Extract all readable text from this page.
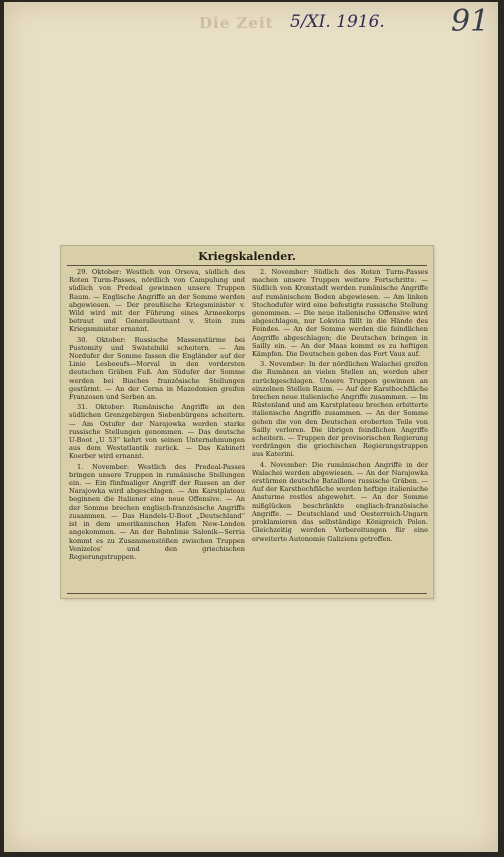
Die Zeit 5/XI. 1916. 91
Kriegskalender.

29. Oktober: Westlich von Orsova, südlich des Roten Turm-Passes, nördlich von Campulung und südlich von Predeal gewinnen unsere Truppen Raum. — Englische Angriffe an der Somme werden abgewiesen. — Der preußische Kriegsminister v. Wild wird mit der Führung eines Armeekorps betraut und Generalleutnant v. Stein zum Kriegsminister ernannt.

30. Oktober: Russische Massenstürme bei Pustomity und Swistelniki scheitern. — Am Nordufer der Somme fassen die Engländer auf der Linie Lesboeufs—Morval in den vordersten deutschen Gräben Fuß. Am Südufer der Somme werden bei Biaches französische Stellungen gestürmt. — An der Cerna in Mazedonien greifen Franzosen und Serben an.

31. Oktober: Rumänische Angriffe an den südlichen Grenzgebirgen Siebenbürgens scheitern. — Am Ostufer der Narajowka werden starke russische Stellungen genommen. — Das deutsche U-Boot „U 53“ kehrt von seinen Unternehmungen aus dem Westatlantik zurück. — Das Kabinett Koerber wird ernannt.

1. November: Westlich des Predeal-Passes bringen unsere Truppen in rumänische Stellungen ein. — Ein fünfmaliger Angriff der Russen an der Narajowka wird abgeschlagen. — Am Karstplateau beginnen die Italiener eine neue Offensive. — An der Somme brechen englisch-französische Angriffe zusammen. — Das Handels-U-Boot „Deutschland“ ist in dem amerikanischen Hafen New-London angekommen. — An der Bahnlinie Salonik—Serria kommt es zu Zusammenstößen zwischen Truppen Venizelos' und den griechischen Regierungstruppen.

2. November: Südlich des Roten Turm-Passes machen unsere Truppen weitere Fortschritte. — Südlich von Kronstadt werden rumänische Angriffe auf rumänischem Boden abgewiesen. — Am linken Stochodufer wird eine befestigte russische Stellung genommen. — Die neue italienische Offensive wird abgeschlagen, nur Lokvica fällt in die Hände des Feindes. — An der Somme werden die feindlichen Angriffe abgeschlagen; die Deutschen bringen in Sailly ein. — An der Maas kommt es zu heftigen Kämpfen. Die Deutschen geben das Fort Vaux auf.

3. November: In der nördlichen Walachei greifen die Rumänen an vielen Stellen an, werden aber zurückgeschlagen. Unsere Truppen gewinnen an einzelnen Stellen Raum. — Auf der Karsthochfläche brechen neue italienische Angriffe zusammen. — Im Rüstenland und am Karstplateau brechen erbitterte italienische Angriffe zusammen. — An der Somme gehen die von den Deutschen eroberten Teile von Sailly verloren. Die übrigen feindlichen Angriffe scheitern. — Truppen der provisorischen Regierung verdrängen die griechischen Regierungstruppen aus Katerini.

4. November: Die rumänischen Angriffe in der Walachei werden abgewiesen. — An der Narajowka erstürmen deutsche Bataillone russische Gräben. — Auf der Karsthochfläche werden heftige italienische Ansturme restlos abgewehrt. — An der Somme mißglücken beschränkte englisch-französische Angriffe. — Deutschland und Oesterreich-Ungarn proklamieren das selbständige Königreich Polen. Gleichzeitig werden Vorbereitungen für eine erweiterte Autonomie Galiziens getroffen.
